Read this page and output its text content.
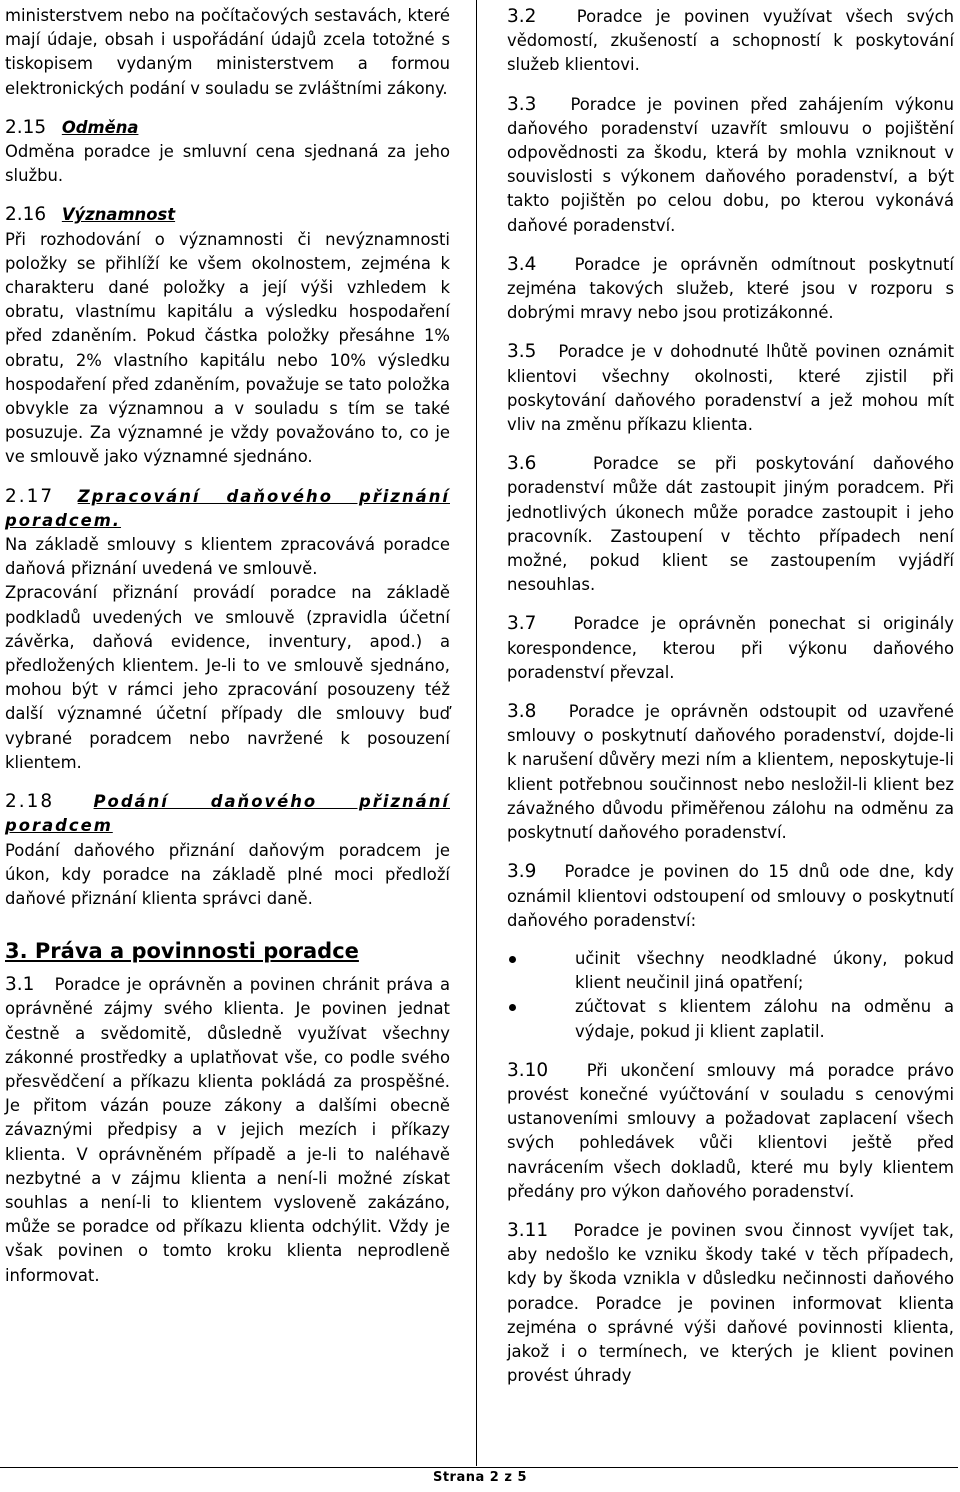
ministerstvem nebo na počítačových sestavách, které mají údaje, obsah i uspořádání údajů zcela totožné s tiskopisem vydaným ministerstvem a formou elektronických podání v souladu se zvláštními zákony.

2.15 Odměna

Odměna poradce je smluvní cena sjednaná za jeho službu.

2.16 Významnost

Při rozhodování o významnosti či nevýznamnosti položky se přihlíží ke všem okolnostem, zejména k charakteru dané položky a její výši vzhledem k obratu, vlastnímu kapitálu a výsledku hospodaření před zdaněním. Pokud částka položky přesáhne 1% obratu, 2% vlastního kapitálu nebo 10% výsledku hospodaření před zdaněním, považuje se tato položka obvykle za významnou a v souladu s tím se také posuzuje. Za významné je vždy považováno to, co je ve smlouvě jako významné sjednáno.

2.17 Zpracování daňového přiznání poradcem.

Na základě smlouvy s klientem zpracovává poradce daňová přiznání uvedená ve smlouvě.

Zpracování přiznání provádí poradce na základě podkladů uvedených ve smlouvě (zpravidla účetní závěrka, daňová evidence, inventury, apod.) a předložených klientem. Je-li to ve smlouvě sjednáno, mohou být v rámci jeho zpracování posouzeny též další významné účetní případy dle smlouvy buď vybrané poradcem nebo navržené k posouzení klientem.

2.18 Podání daňového přiznání poradcem

Podání daňového přiznání daňovým poradcem je úkon, kdy poradce na základě plné moci předloží daňové přiznání klienta správci daně.

3. Práva a povinnosti poradce

3.1 Poradce je oprávněn a povinen chránit práva a oprávněné zájmy svého klienta. Je povinen jednat čestně a svědomitě, důsledně využívat všechny zákonné prostředky a uplatňovat vše, co podle svého přesvědčení a příkazu klienta pokládá za prospěšné. Je přitom vázán pouze zákony a dalšími obecně závaznými předpisy a v jejich mezích i příkazy klienta. V oprávněném případě a je-li to naléhavě nezbytné a v zájmu klienta a není-li možné získat souhlas a není-li to klientem vysloveně zakázáno, může se poradce od příkazu klienta odchýlit. Vždy je však povinen o tomto kroku klienta neprodleně informovat.

3.2 Poradce je povinen využívat všech svých vědomostí, zkušeností a schopností k poskytování služeb klientovi.

3.3 Poradce je povinen před zahájením výkonu daňového poradenství uzavřít smlouvu o pojištění odpovědnosti za škodu, která by mohla vzniknout v souvislosti s výkonem daňového poradenství, a být takto pojištěn po celou dobu, po kterou vykonává daňové poradenství.

3.4 Poradce je oprávněn odmítnout poskytnutí zejména takových služeb, které jsou v rozporu s dobrými mravy nebo jsou protizákonné.

3.5 Poradce je v dohodnuté lhůtě povinen oznámit klientovi všechny okolnosti, které zjistil při poskytování daňového poradenství a jež mohou mít vliv na změnu příkazu klienta.

3.6	Poradce se při poskytování daňového poradenství může dát zastoupit jiným poradcem. Při jednotlivých úkonech může poradce zastoupit i jeho pracovník. Zastoupení v těchto případech není možné, pokud klient se zastoupením vyjádří nesouhlas.

3.7 Poradce je oprávněn ponechat si originály korespondence, kterou při výkonu daňového poradenství převzal.

3.8 Poradce je oprávněn odstoupit od uzavřené smlouvy o poskytnutí daňového poradenství, dojde-li k narušení důvěry mezi ním a klientem, neposkytuje-li klient potřebnou součinnost nebo nesložil-li klient bez závažného důvodu přiměřenou zálohu na odměnu za poskytnutí daňového poradenství.

3.9 Poradce je povinen do 15 dnů ode dne, kdy oznámil klientovi odstoupení od smlouvy o poskytnutí daňového poradenství:

učinit všechny neodkladné úkony, pokud klient neučinil jiná opatření;
zúčtovat s klientem zálohu na odměnu a výdaje, pokud ji klient zaplatil.

3.10 Při ukončení smlouvy má poradce právo provést konečné vyúčtování v souladu s cenovými ustanoveními smlouvy a požadovat zaplacení všech svých pohledávek vůči klientovi ještě před navrácením všech dokladů, které mu byly klientem předány pro výkon daňového poradenství.

3.11 Poradce je povinen svou činnost vyvíjet tak, aby nedošlo ke vzniku škody také v těch případech, kdy by škoda vznikla v důsledku nečinnosti daňového poradce. Poradce je povinen informovat klienta zejména o správné výši daňové povinnosti klienta, jakož i o termínech, ve kterých je klient povinen provést úhrady

Strana 2 z 5
